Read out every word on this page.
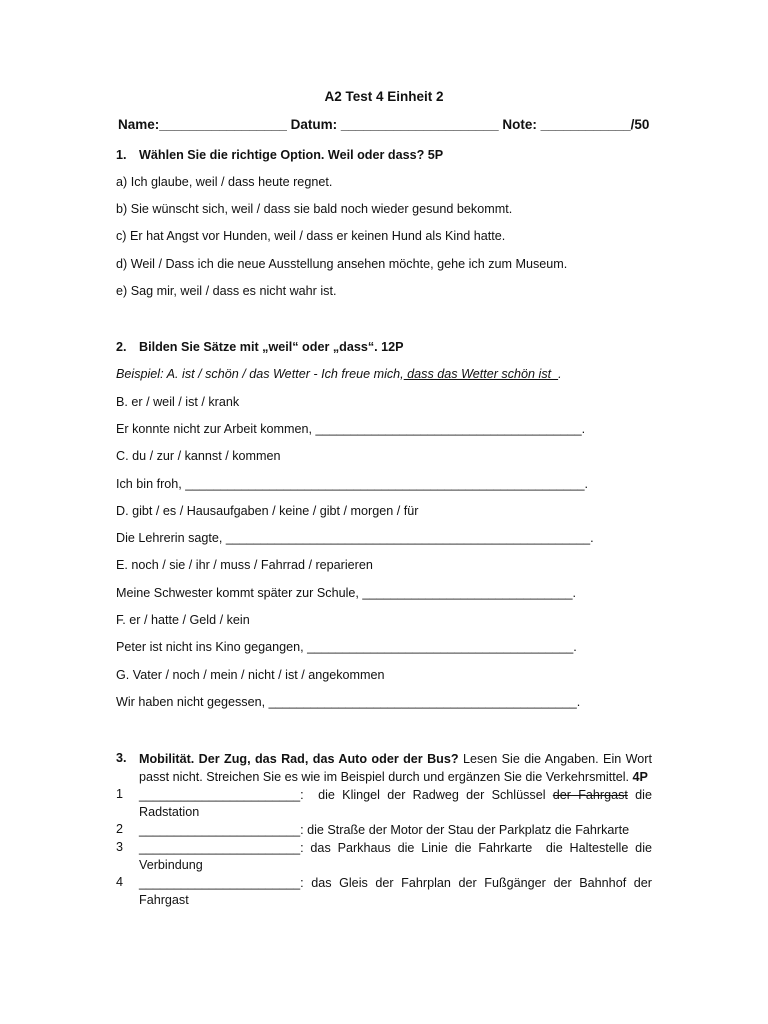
A2 Test 4 Einheit 2
Name:_________________ Datum: _____________________ Note: ____________/50
1. Wählen Sie die richtige Option. Weil oder dass? 5P
a) Ich glaube, weil / dass heute regnet.
b) Sie wünscht sich, weil / dass sie bald noch wieder gesund bekommt.
c) Er hat Angst vor Hunden, weil / dass er keinen Hund als Kind hatte.
d) Weil / Dass ich die neue Ausstellung ansehen möchte, gehe ich zum Museum.
e) Sag mir, weil / dass es nicht wahr ist.
2. Bilden Sie Sätze mit „weil“ oder „dass“. 12P
Beispiel: A. ist / schön / das Wetter - Ich freue mich, dass das Wetter schön ist  .
B. er / weil / ist / krank
Er konnte nicht zur Arbeit kommen, ______________________________________.
C. du / zur / kannst / kommen
Ich bin froh, _________________________________________________________.
D. gibt / es / Hausaufgaben / keine / gibt / morgen / für
Die Lehrerin sagte, ____________________________________________________.
E. noch / sie / ihr / muss / Fahrrad / reparieren
Meine Schwester kommt später zur Schule, ______________________________.
F. er / hatte / Geld / kein
Peter ist nicht ins Kino gegangen, ______________________________________.
G. Vater / noch / mein / nicht / ist / angekommen
Wir haben nicht gegessen, ____________________________________________.
3. Mobilität. Der Zug, das Rad, das Auto oder der Bus? Lesen Sie die Angaben. Ein Wort passt nicht. Streichen Sie es wie im Beispiel durch und ergänzen Sie die Verkehrsmittel. 4P
1 _______________________:  die Klingel der Radweg der Schlüssel der Fahrgast die
Radstation
2 _______________________: die Straße der Motor der Stau der Parkplatz die Fahrkarte
3 _______________________: das Parkhaus die Linie die Fahrkarte  die Haltestelle die
Verbindung
4 _______________________: das Gleis der Fahrplan der Fußgänger der Bahnhof der
Fahrgast
